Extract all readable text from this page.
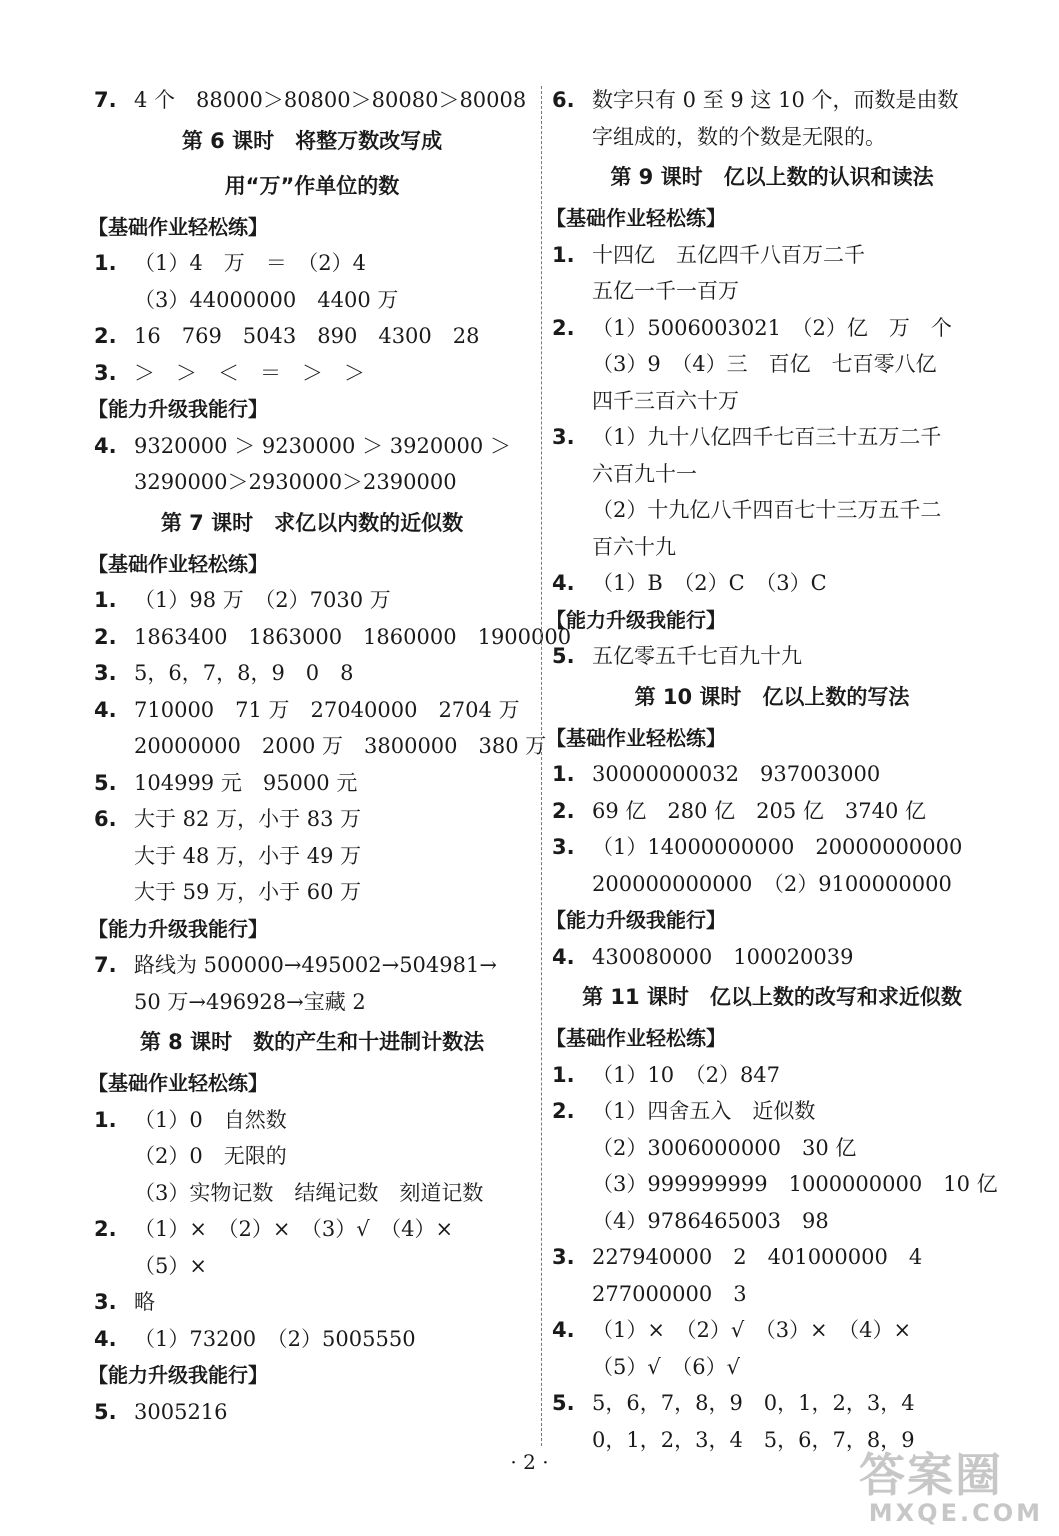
7. 4 个　88000＞80800＞80080＞80008
第 6 课时　将整万数改写成
用“万”作单位的数
【基础作业轻松练】
1. （1）4　万　＝　（2）4
（3）44000000　4400 万
2. 16　769　5043　890　4300　28
3. ＞　＞　＜　＝　＞　＞
【能力升级我能行】
4. 9320000 ＞ 9230000 ＞ 3920000 ＞
3290000＞2930000＞2390000
第 7 课时　求亿以内数的近似数
【基础作业轻松练】
1. （1）98 万　（2）7030 万
2. 1863400　1863000　1860000　1900000
3. 5，6，7，8，9　0　8
4. 710000　71 万　27040000　2704 万
20000000　2000 万　3800000　380 万
5. 104999 元　95000 元
6. 大于 82 万，小于 83 万
大于 48 万，小于 49 万
大于 59 万，小于 60 万
【能力升级我能行】
7. 路线为 500000→495002→504981→
50 万→496928→宝藏 2
第 8 课时　数的产生和十进制计数法
【基础作业轻松练】
1. （1）0　自然数
（2）0　无限的
（3）实物记数　结绳记数　刻道记数
2. （1）×　（2）×　（3）√　（4）×
（5）×
3. 略
4. （1）73200　（2）5005550
【能力升级我能行】
5. 3005216
6. 数字只有 0 至 9 这 10 个，而数是由数
字组成的，数的个数是无限的。
第 9 课时　亿以上数的认识和读法
【基础作业轻松练】
1. 十四亿　五亿四千八百万二千
五亿一千一百万
2. （1）5006003021　（2）亿　万　个
（3）9　（4）三　百亿　七百零八亿
四千三百六十万
3. （1）九十八亿四千七百三十五万二千
六百九十一
（2）十九亿八千四百七十三万五千二
百六十九
4. （1）B　（2）C　（3）C
【能力升级我能行】
5. 五亿零五千七百九十九
第 10 课时　亿以上数的写法
【基础作业轻松练】
1. 30000000032　937003000
2. 69 亿　280 亿　205 亿　3740 亿
3. （1）14000000000　20000000000
200000000000　（2）9100000000
【能力升级我能行】
4. 430080000　100020039
第 11 课时　亿以上数的改写和求近似数
【基础作业轻松练】
1. （1）10　（2）847
2. （1）四舍五入　近似数
（2）3006000000　30 亿
（3）999999999　1000000000　10 亿
（4）9786465003　98
3. 227940000　2　401000000　4
277000000　3
4. （1）×　（2）√　（3）×　（4）×
（5）√　（6）√
5. 5，6，7，8，9　0，1，2，3，4
0，1，2，3，4　5，6，7，8，9
· 2 ·	答案圈
MXQE.COM
